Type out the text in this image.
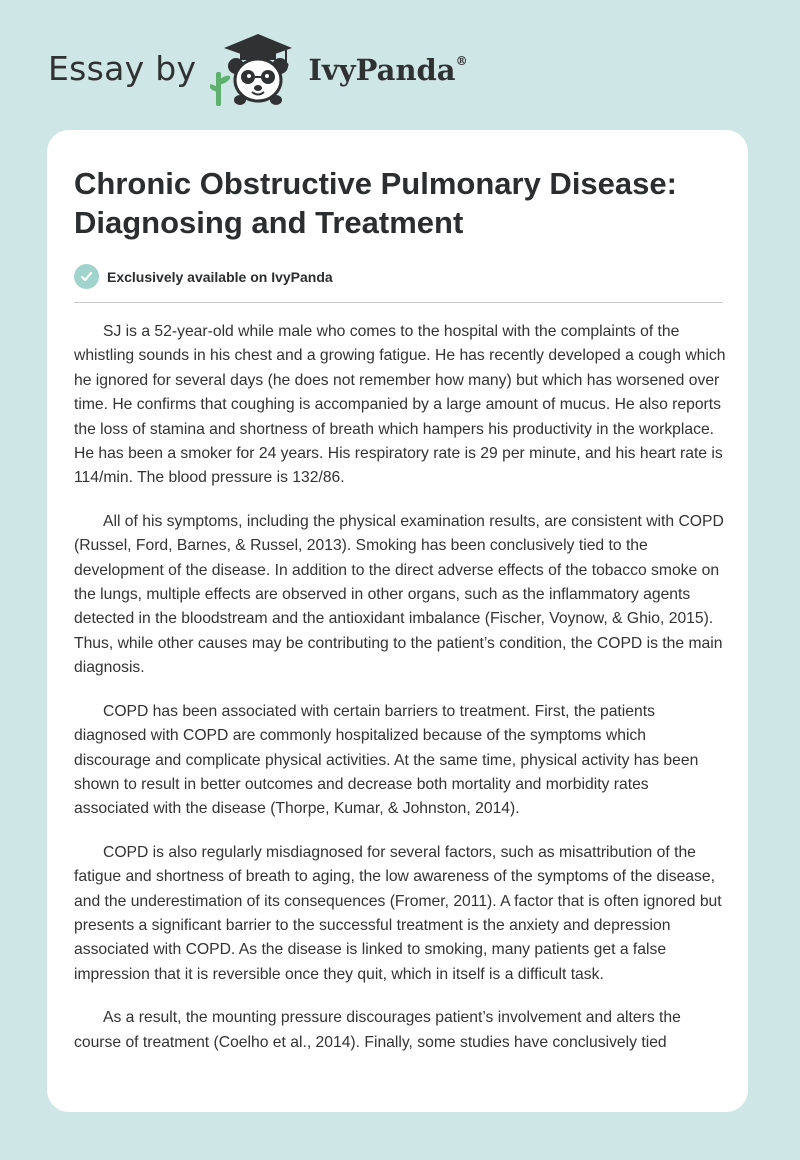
Essay by	IvyPanda®
Chronic Obstructive Pulmonary Disease: Diagnosing and Treatment
Exclusively available on IvyPanda

SJ is a 52-year-old while male who comes to the hospital with the complaints of the whistling sounds in his chest and a growing fatigue. He has recently developed a cough which he ignored for several days (he does not remember how many) but which has worsened over time. He confirms that coughing is accompanied by a large amount of mucus. He also reports the loss of stamina and shortness of breath which hampers his productivity in the workplace. He has been a smoker for 24 years. His respiratory rate is 29 per minute, and his heart rate is 114/min. The blood pressure is 132/86.

All of his symptoms, including the physical examination results, are consistent with COPD (Russel, Ford, Barnes, & Russel, 2013). Smoking has been conclusively tied to the development of the disease. In addition to the direct adverse effects of the tobacco smoke on the lungs, multiple effects are observed in other organs, such as the inflammatory agents detected in the bloodstream and the antioxidant imbalance (Fischer, Voynow, & Ghio, 2015). Thus, while other causes may be contributing to the patient’s condition, the COPD is the main diagnosis.

COPD has been associated with certain barriers to treatment. First, the patients diagnosed with COPD are commonly hospitalized because of the symptoms which discourage and complicate physical activities. At the same time, physical activity has been shown to result in better outcomes and decrease both mortality and morbidity rates associated with the disease (Thorpe, Kumar, & Johnston, 2014).

COPD is also regularly misdiagnosed for several factors, such as misattribution of the fatigue and shortness of breath to aging, the low awareness of the symptoms of the disease, and the underestimation of its consequences (Fromer, 2011). A factor that is often ignored but presents a significant barrier to the successful treatment is the anxiety and depression associated with COPD. As the disease is linked to smoking, many patients get a false impression that it is reversible once they quit, which in itself is a difficult task.

As a result, the mounting pressure discourages patient’s involvement and alters the course of treatment (Coelho et al., 2014). Finally, some studies have conclusively tied
